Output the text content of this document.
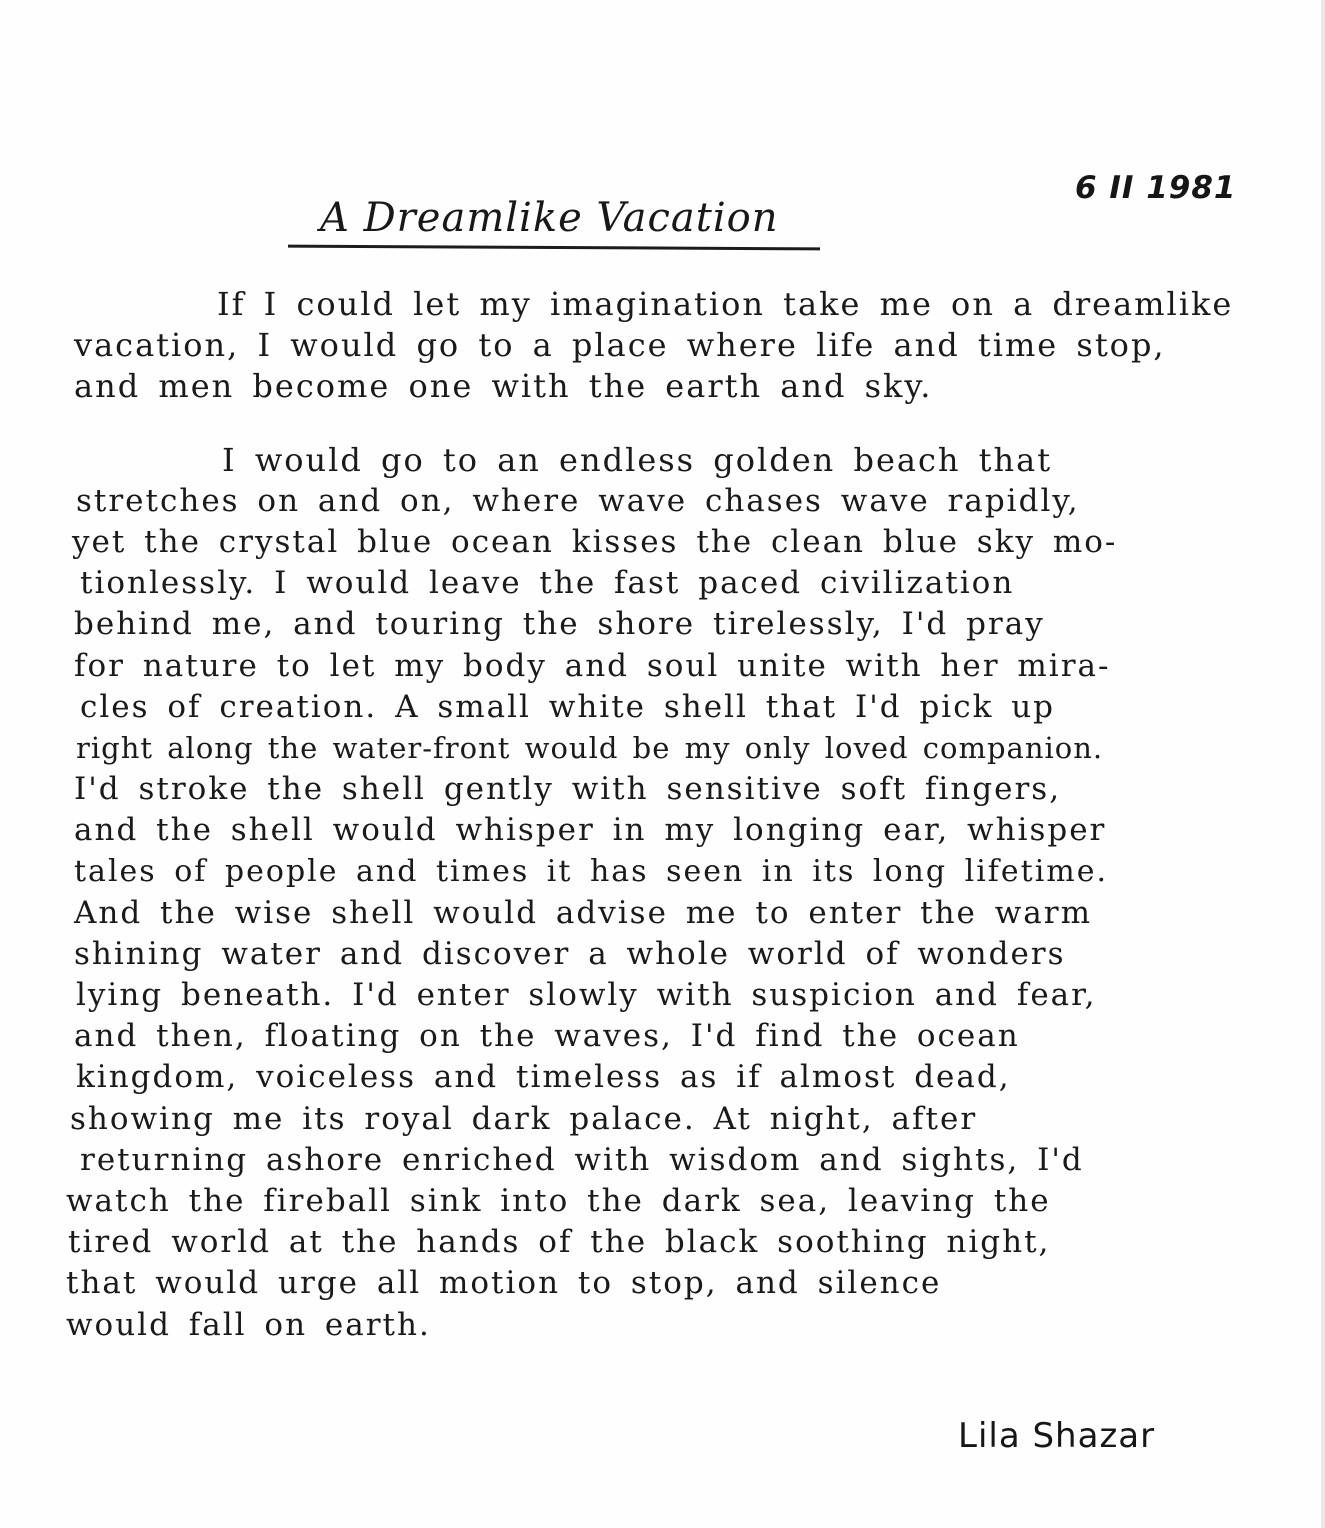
6 II 1981
A Dreamlike Vacation
If I could let my imagination take me on a dreamlike
vacation, I would go to a place where life and time stop,
and men become one with the earth and sky.
I would go to an endless golden beach that
stretches on and on, where wave chases wave rapidly,
yet the crystal blue ocean kisses the clean blue sky mo-
tionlessly. I would leave the fast paced civilization
behind me, and touring the shore tirelessly, I'd pray
for nature to let my body and soul unite with her mira-
cles of creation. A small white shell that I'd pick up
right along the water-front would be my only loved companion.
I'd stroke the shell gently with sensitive soft fingers,
and the shell would whisper in my longing ear, whisper
tales of people and times it has seen in its long lifetime.
And the wise shell would advise me to enter the warm
shining water and discover a whole world of wonders
lying beneath. I'd enter slowly with suspicion and fear,
and then, floating on the waves, I'd find the ocean
kingdom, voiceless and timeless as if almost dead,
showing me its royal dark palace. At night, after
returning ashore enriched with wisdom and sights, I'd
watch the fireball sink into the dark sea, leaving the
tired world at the hands of the black soothing night,
that would urge all motion to stop, and silence
would fall on earth.
Lila Shazar
